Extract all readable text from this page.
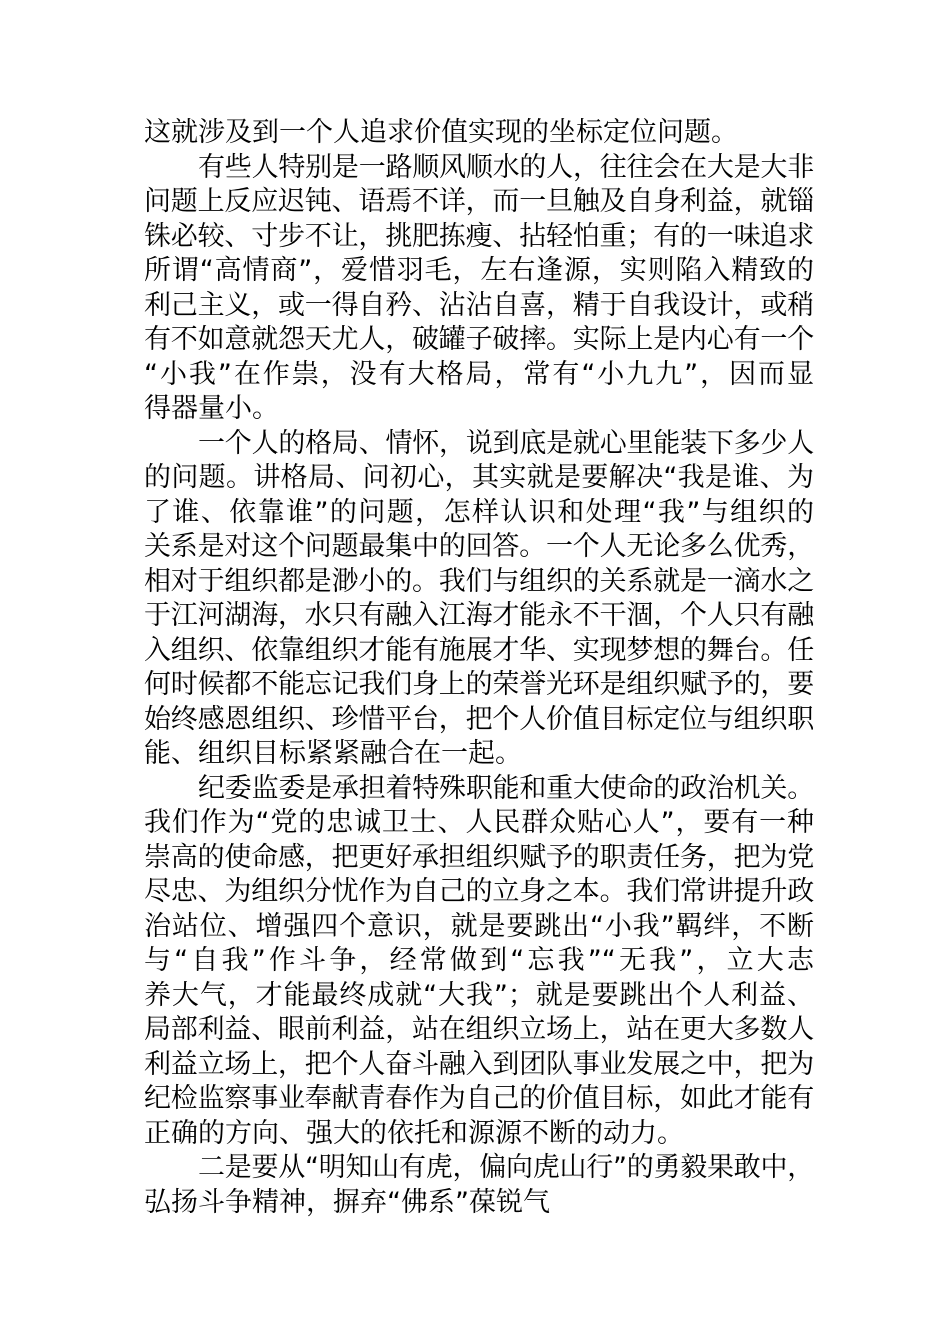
这就涉及到一个人追求价值实现的坐标定位问题。
有些人特别是一路顺风顺水的人，往往会在大是大非
问题上反应迟钝、语焉不详，而一旦触及自身利益，就锱
铢必较、寸步不让，挑肥拣瘦、拈轻怕重；有的一味追求
所谓“高情商”，爱惜羽毛，左右逢源，实则陷入精致的
利己主义，或一得自矜、沾沾自喜，精于自我设计，或稍
有不如意就怨天尤人，破罐子破摔。实际上是内心有一个
“小我”在作祟，没有大格局，常有“小九九”，因而显
得器量小。
一个人的格局、情怀，说到底是就心里能装下多少人
的问题。讲格局、问初心，其实就是要解决“我是谁、为
了谁、依靠谁”的问题，怎样认识和处理“我”与组织的
关系是对这个问题最集中的回答。一个人无论多么优秀，
相对于组织都是渺小的。我们与组织的关系就是一滴水之
于江河湖海，水只有融入江海才能永不干涸，个人只有融
入组织、依靠组织才能有施展才华、实现梦想的舞台。任
何时候都不能忘记我们身上的荣誉光环是组织赋予的，要
始终感恩组织、珍惜平台，把个人价值目标定位与组织职
能、组织目标紧紧融合在一起。
纪委监委是承担着特殊职能和重大使命的政治机关。
我们作为“党的忠诚卫士、人民群众贴心人”，要有一种
崇高的使命感，把更好承担组织赋予的职责任务，把为党
尽忠、为组织分忧作为自己的立身之本。我们常讲提升政
治站位、增强四个意识，就是要跳出“小我”羁绊，不断
与“自我”作斗争，经常做到“忘我”“无我”，立大志
养大气，才能最终成就“大我”；就是要跳出个人利益、
局部利益、眼前利益，站在组织立场上，站在更大多数人
利益立场上，把个人奋斗融入到团队事业发展之中，把为
纪检监察事业奉献青春作为自己的价值目标，如此才能有
正确的方向、强大的依托和源源不断的动力。
二是要从“明知山有虎，偏向虎山行”的勇毅果敢中，
弘扬斗争精神，摒弃“佛系”葆锐气
